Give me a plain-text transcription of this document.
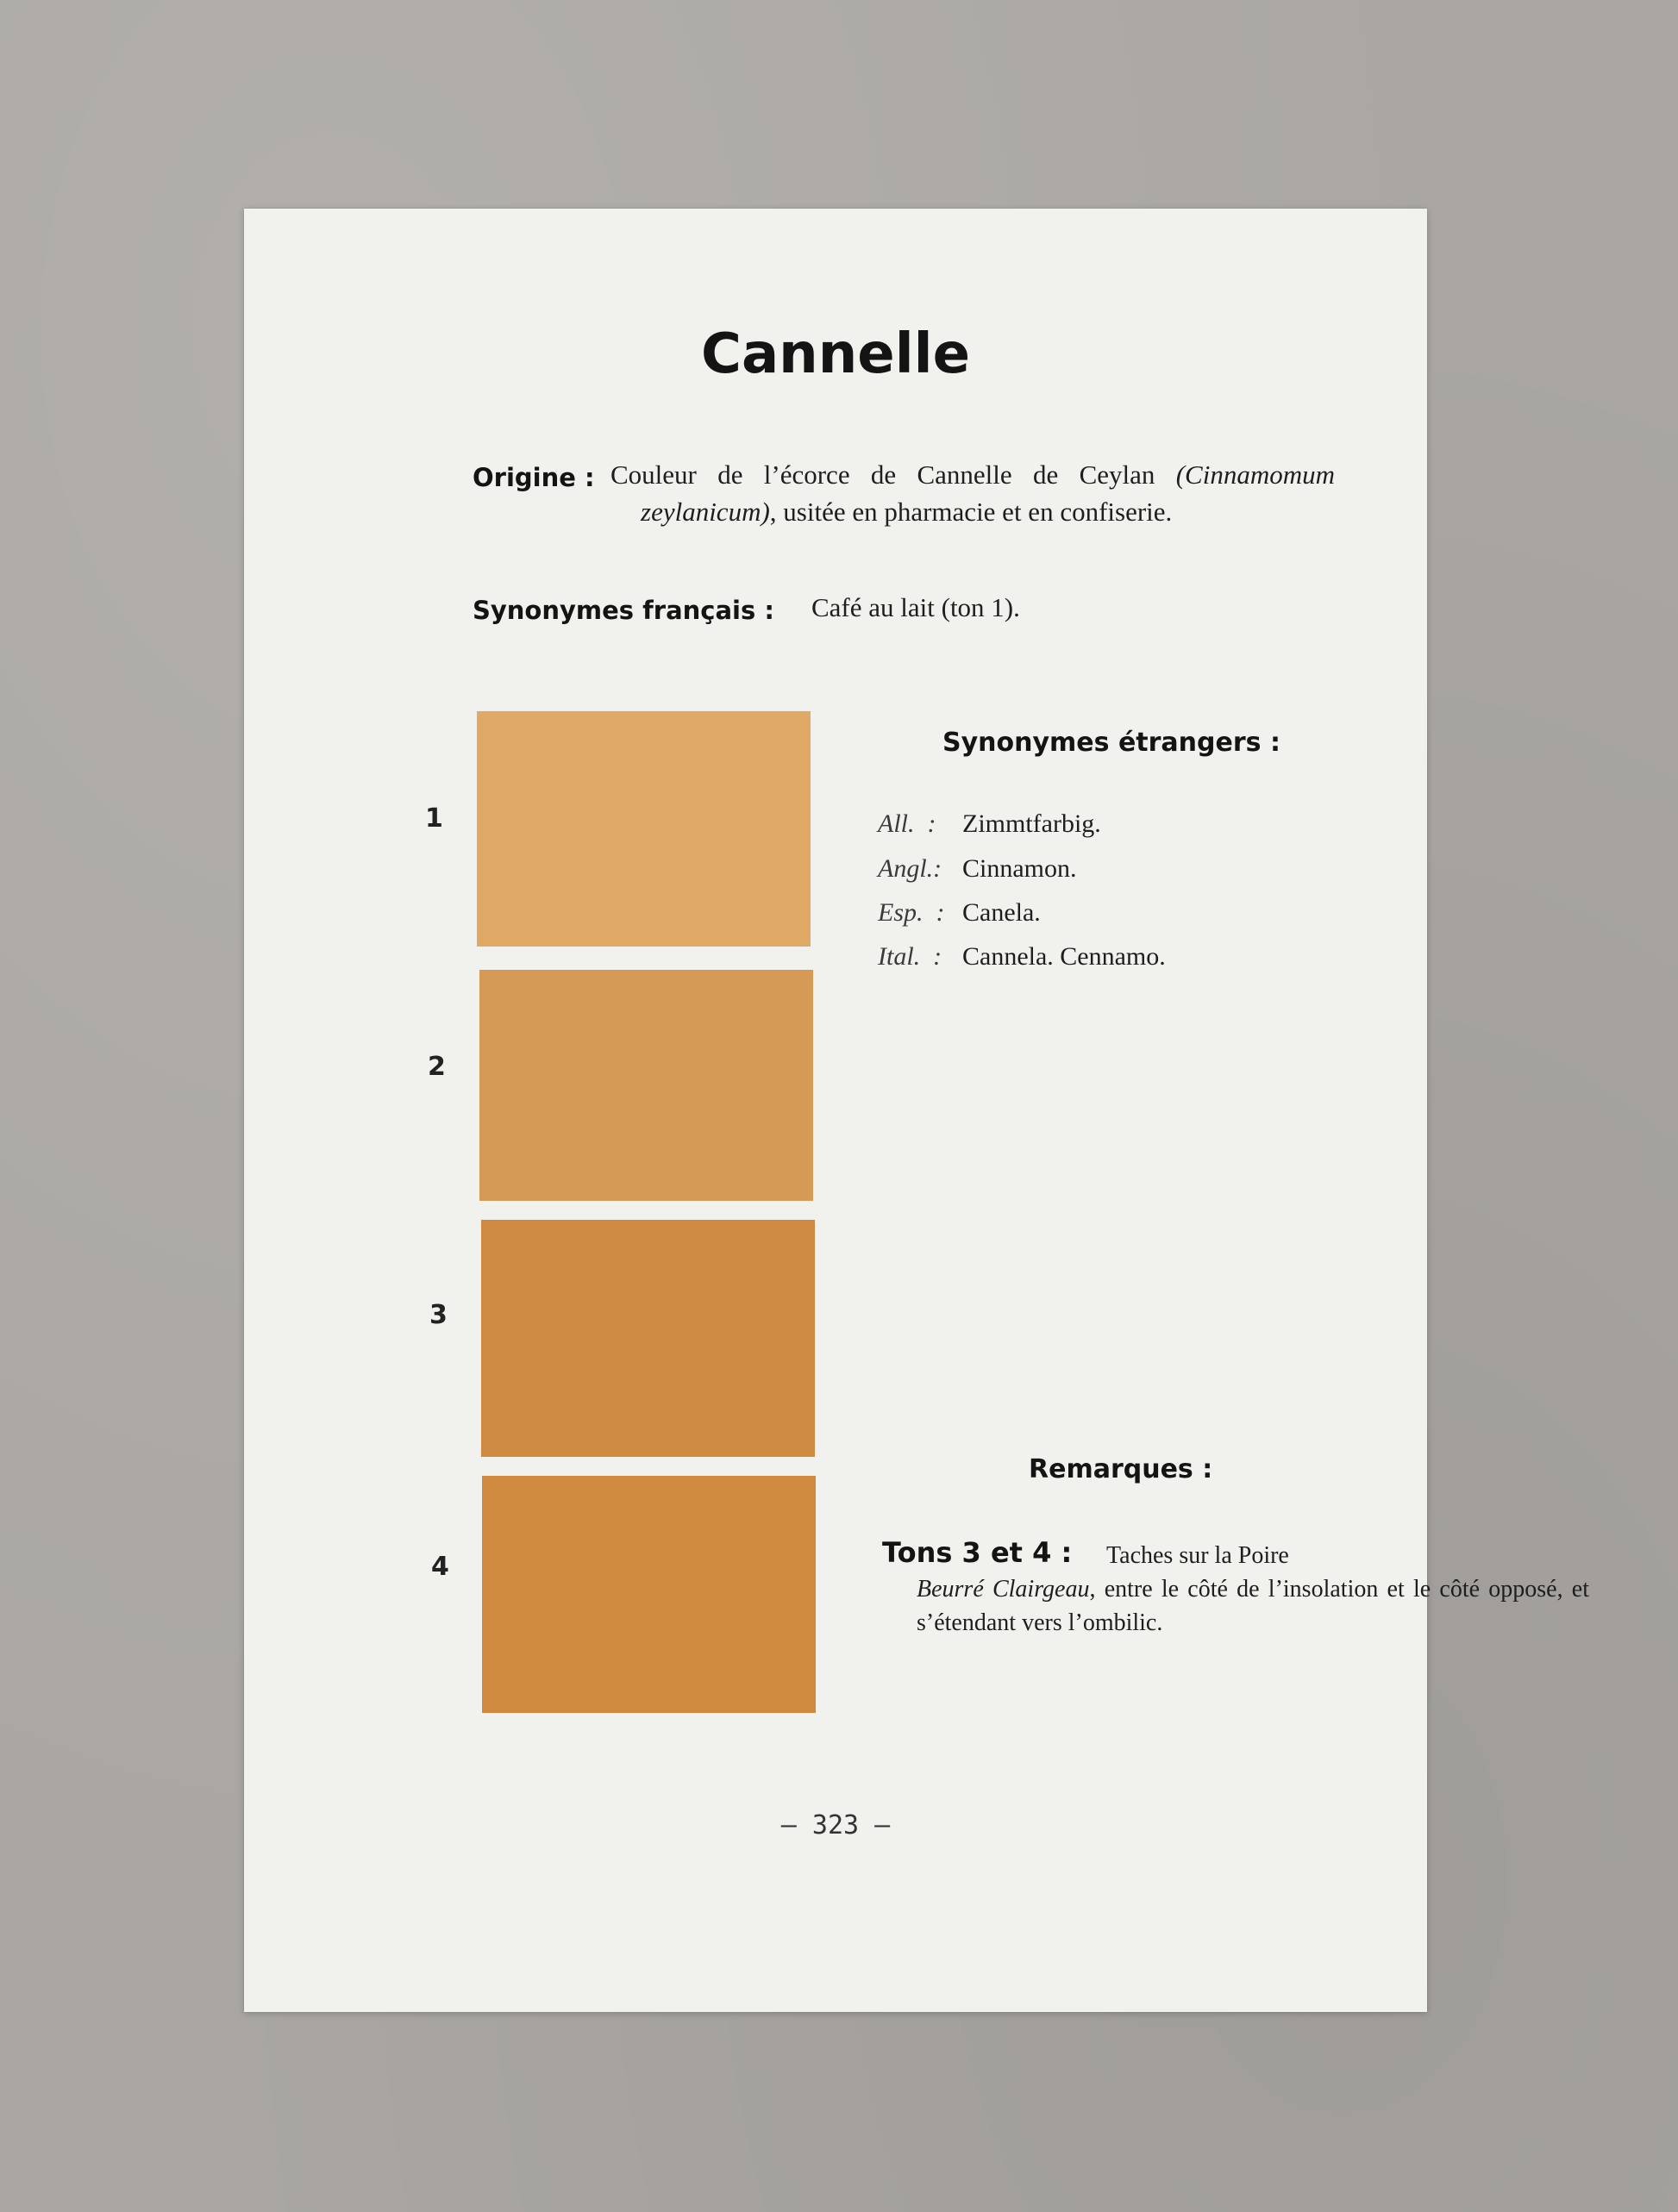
Cannelle
Origine : Couleur de l’écorce de Cannelle de Ceylan (Cinnamomum
zeylanicum), usitée en pharmacie et en confiserie.
Synonymes français : Café au lait (ton 1).
1
2
3
4
Synonymes étrangers :
All.  : Zimmtfarbig.
Angl.: Cinnamon.
Esp.  : Canela.
Ital.  : Cannela. Cennamo.
Remarques :
Tons 3 et 4 : Taches sur la Poire
Beurré Clairgeau, entre le côté de l’insolation et le côté opposé, et s’étendant vers l’ombilic.
— 323 —
